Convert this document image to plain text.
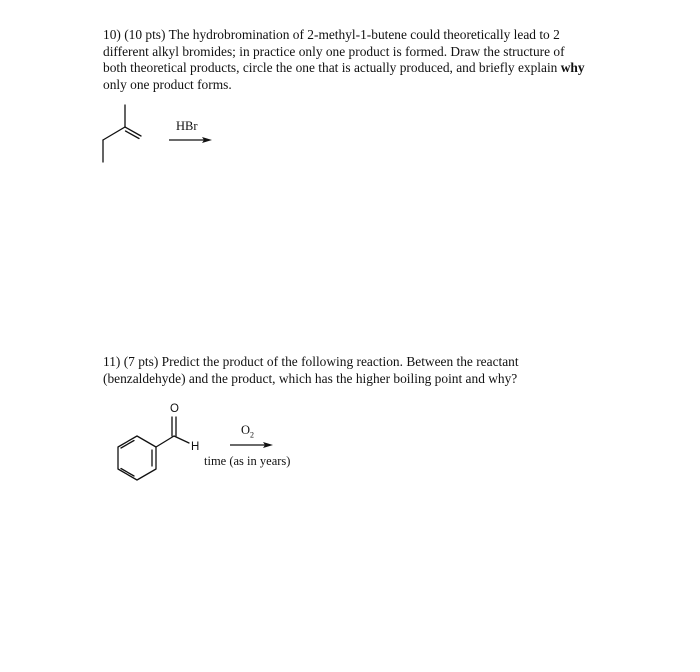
10) (10 pts) The hydrobromination of 2-methyl-1-butene could theoretically lead to 2
different alkyl bromides; in practice only one product is formed. Draw the structure of
both theoretical products, circle the one that is actually produced, and briefly explain why
only one product forms.

HBr

11) (7 pts) Predict the product of the following reaction. Between the reactant
(benzaldehyde) and the product, which has the higher boiling point and why?

O
H
$O_2$
time (as in years)
